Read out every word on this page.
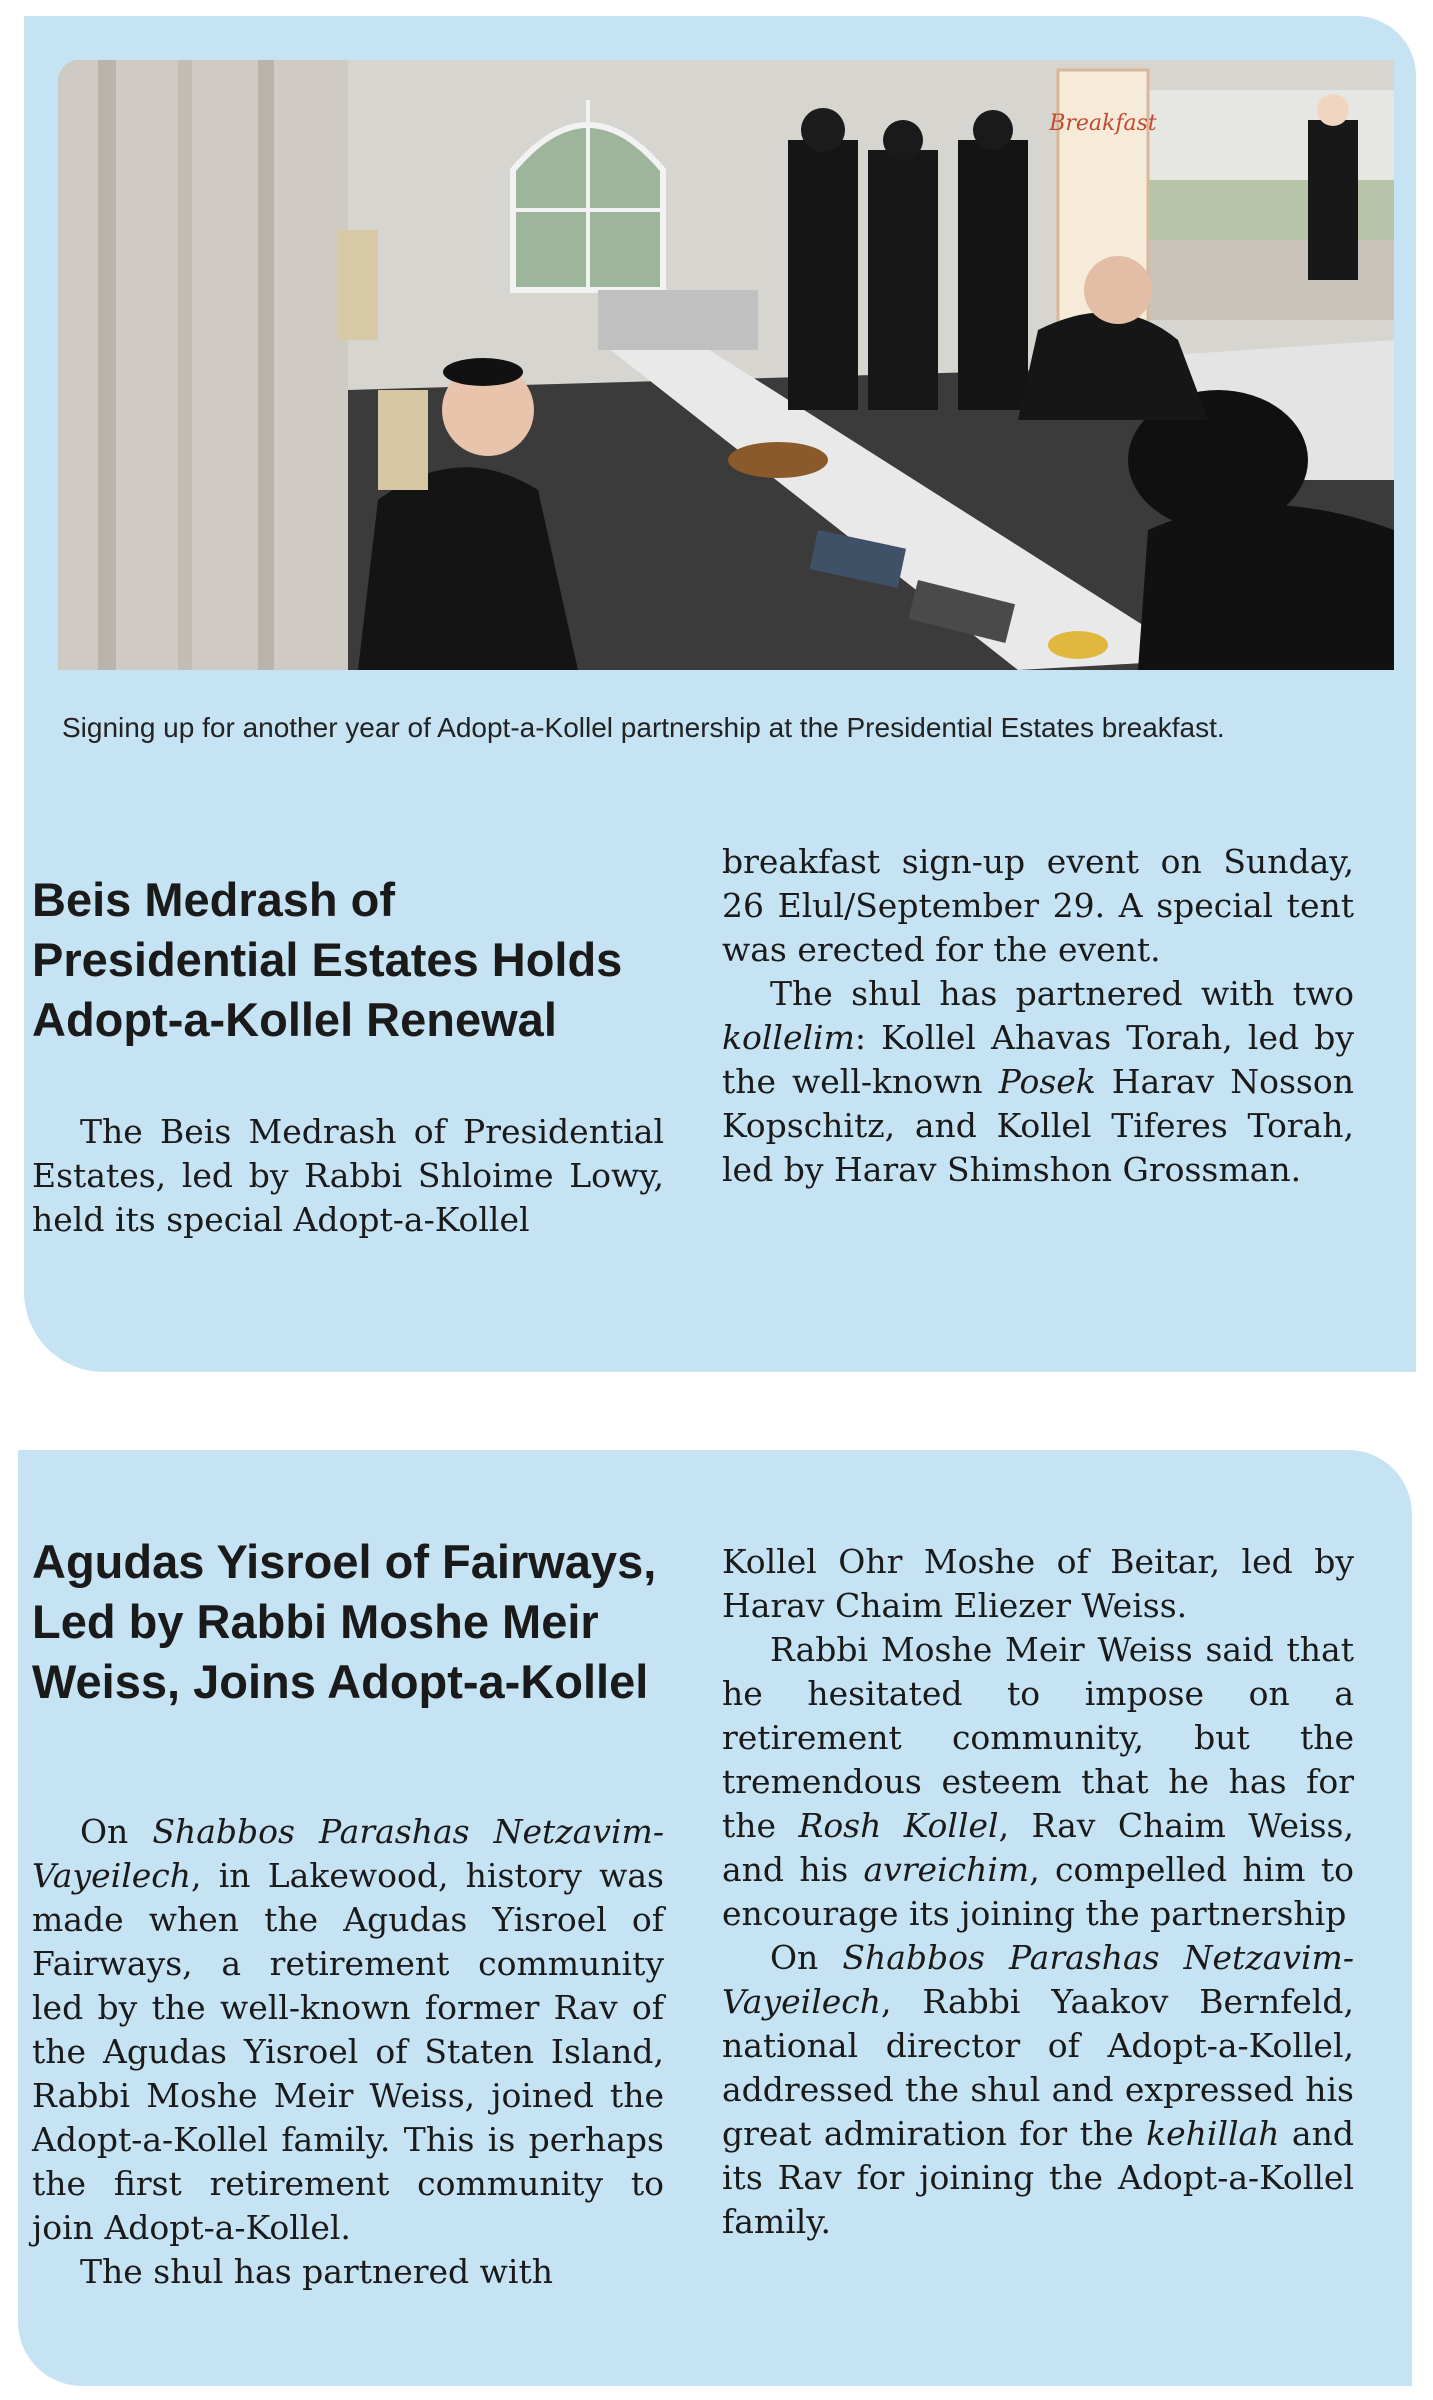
Breakfast
Signing up for another year of Adopt-a-Kollel partnership at the Presidential Estates breakfast.
Beis Medrash of Presidential Estates Holds Adopt-a-Kollel Renewal

The Beis Medrash of Presidential Estates, led by Rabbi Shloime Lowy, held its special Adopt-a-Kollel

breakfast sign-up event on Sunday, 26 Elul/September 29. A special tent was erected for the event.

The shul has partnered with two kollelim: Kollel Ahavas Torah, led by the well-known Posek Harav Nosson Kopschitz, and Kollel Tiferes Torah, led by Harav Shimshon Grossman.

Agudas Yisroel of Fairways, Led by Rabbi Moshe Meir Weiss, Joins Adopt-a-Kollel

On Shabbos Parashas Netzavim-Vayeilech, in Lakewood, history was made when the Agudas Yisroel of Fairways, a retirement community led by the well-known former Rav of the Agudas Yisroel of Staten Island, Rabbi Moshe Meir Weiss, joined the Adopt-a-Kollel family. This is perhaps the first retirement community to join Adopt-a-Kollel.

The shul has partnered with

Kollel Ohr Moshe of Beitar, led by Harav Chaim Eliezer Weiss.

Rabbi Moshe Meir Weiss said that he hesitated to impose on a retirement community, but the tremendous esteem that he has for the Rosh Kollel, Rav Chaim Weiss, and his avreichim, compelled him to encourage its joining the partnership

On Shabbos Parashas Netzavim-Vayeilech, Rabbi Yaakov Bernfeld, national director of Adopt-a-Kollel, addressed the shul and expressed his great admiration for the kehillah and its Rav for joining the Adopt-a-Kollel family.
